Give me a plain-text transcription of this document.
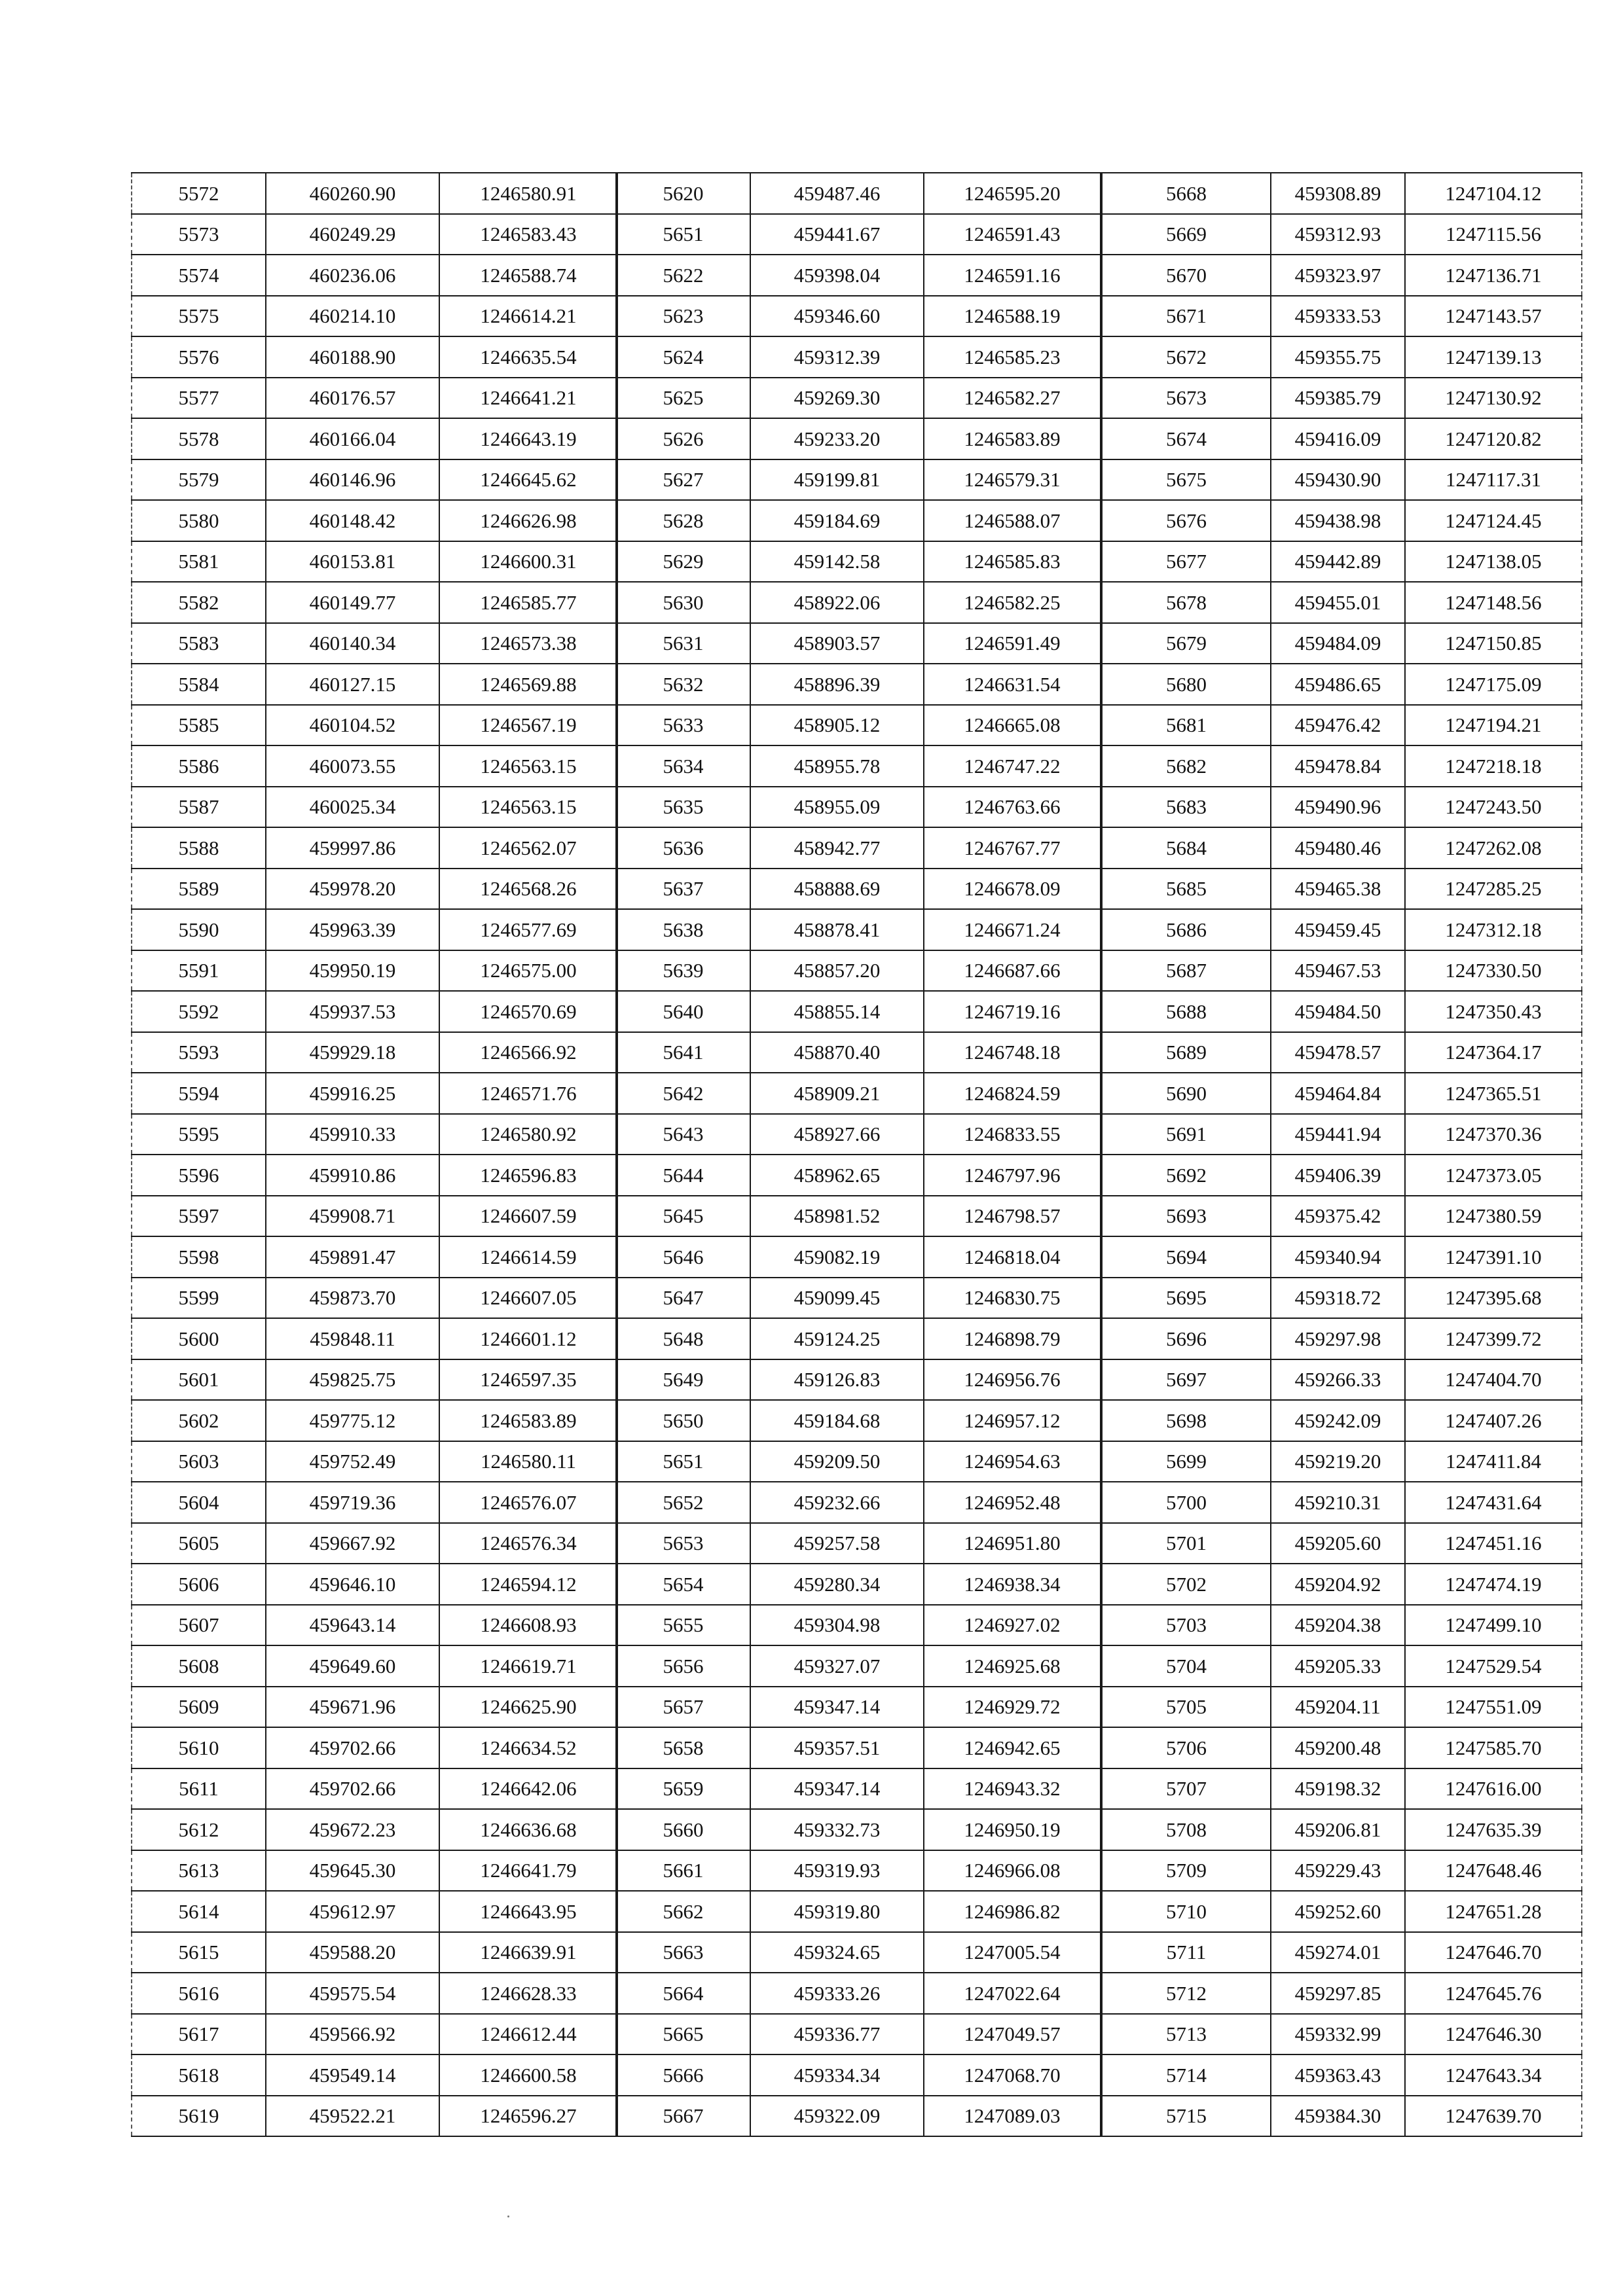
5572	460260.90	1246580.91
5573	460249.29	1246583.43
5574	460236.06	1246588.74
5575	460214.10	1246614.21
5576	460188.90	1246635.54
5577	460176.57	1246641.21
5578	460166.04	1246643.19
5579	460146.96	1246645.62
5580	460148.42	1246626.98
5581	460153.81	1246600.31
5582	460149.77	1246585.77
5583	460140.34	1246573.38
5584	460127.15	1246569.88
5585	460104.52	1246567.19
5586	460073.55	1246563.15
5587	460025.34	1246563.15
5588	459997.86	1246562.07
5589	459978.20	1246568.26
5590	459963.39	1246577.69
5591	459950.19	1246575.00
5592	459937.53	1246570.69
5593	459929.18	1246566.92
5594	459916.25	1246571.76
5595	459910.33	1246580.92
5596	459910.86	1246596.83
5597	459908.71	1246607.59
5598	459891.47	1246614.59
5599	459873.70	1246607.05
5600	459848.11	1246601.12
5601	459825.75	1246597.35
5602	459775.12	1246583.89
5603	459752.49	1246580.11
5604	459719.36	1246576.07
5605	459667.92	1246576.34
5606	459646.10	1246594.12
5607	459643.14	1246608.93
5608	459649.60	1246619.71
5609	459671.96	1246625.90
5610	459702.66	1246634.52
5611	459702.66	1246642.06
5612	459672.23	1246636.68
5613	459645.30	1246641.79
5614	459612.97	1246643.95
5615	459588.20	1246639.91
5616	459575.54	1246628.33
5617	459566.92	1246612.44
5618	459549.14	1246600.58
5619	459522.21	1246596.27
5620	459487.46	1246595.20
5651	459441.67	1246591.43
5622	459398.04	1246591.16
5623	459346.60	1246588.19
5624	459312.39	1246585.23
5625	459269.30	1246582.27
5626	459233.20	1246583.89
5627	459199.81	1246579.31
5628	459184.69	1246588.07
5629	459142.58	1246585.83
5630	458922.06	1246582.25
5631	458903.57	1246591.49
5632	458896.39	1246631.54
5633	458905.12	1246665.08
5634	458955.78	1246747.22
5635	458955.09	1246763.66
5636	458942.77	1246767.77
5637	458888.69	1246678.09
5638	458878.41	1246671.24
5639	458857.20	1246687.66
5640	458855.14	1246719.16
5641	458870.40	1246748.18
5642	458909.21	1246824.59
5643	458927.66	1246833.55
5644	458962.65	1246797.96
5645	458981.52	1246798.57
5646	459082.19	1246818.04
5647	459099.45	1246830.75
5648	459124.25	1246898.79
5649	459126.83	1246956.76
5650	459184.68	1246957.12
5651	459209.50	1246954.63
5652	459232.66	1246952.48
5653	459257.58	1246951.80
5654	459280.34	1246938.34
5655	459304.98	1246927.02
5656	459327.07	1246925.68
5657	459347.14	1246929.72
5658	459357.51	1246942.65
5659	459347.14	1246943.32
5660	459332.73	1246950.19
5661	459319.93	1246966.08
5662	459319.80	1246986.82
5663	459324.65	1247005.54
5664	459333.26	1247022.64
5665	459336.77	1247049.57
5666	459334.34	1247068.70
5667	459322.09	1247089.03
5668	459308.89	1247104.12
5669	459312.93	1247115.56
5670	459323.97	1247136.71
5671	459333.53	1247143.57
5672	459355.75	1247139.13
5673	459385.79	1247130.92
5674	459416.09	1247120.82
5675	459430.90	1247117.31
5676	459438.98	1247124.45
5677	459442.89	1247138.05
5678	459455.01	1247148.56
5679	459484.09	1247150.85
5680	459486.65	1247175.09
5681	459476.42	1247194.21
5682	459478.84	1247218.18
5683	459490.96	1247243.50
5684	459480.46	1247262.08
5685	459465.38	1247285.25
5686	459459.45	1247312.18
5687	459467.53	1247330.50
5688	459484.50	1247350.43
5689	459478.57	1247364.17
5690	459464.84	1247365.51
5691	459441.94	1247370.36
5692	459406.39	1247373.05
5693	459375.42	1247380.59
5694	459340.94	1247391.10
5695	459318.72	1247395.68
5696	459297.98	1247399.72
5697	459266.33	1247404.70
5698	459242.09	1247407.26
5699	459219.20	1247411.84
5700	459210.31	1247431.64
5701	459205.60	1247451.16
5702	459204.92	1247474.19
5703	459204.38	1247499.10
5704	459205.33	1247529.54
5705	459204.11	1247551.09
5706	459200.48	1247585.70
5707	459198.32	1247616.00
5708	459206.81	1247635.39
5709	459229.43	1247648.46
5710	459252.60	1247651.28
5711	459274.01	1247646.70
5712	459297.85	1247645.76
5713	459332.99	1247646.30
5714	459363.43	1247643.34
5715	459384.30	1247639.70
